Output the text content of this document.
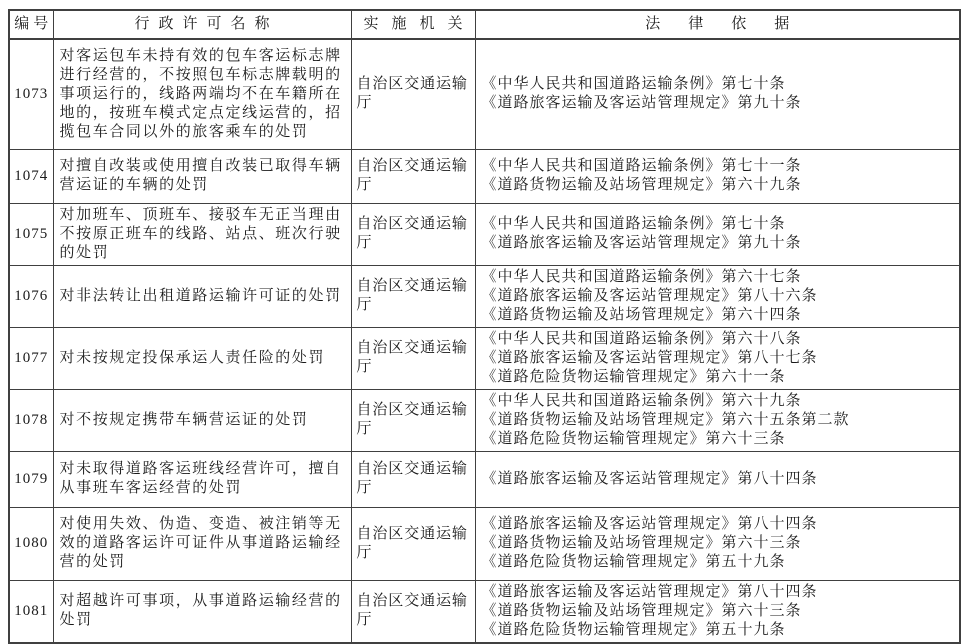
编号	行政许可名称	实施机关	法律依据
1073	对客运包车未持有效的包车客运标志牌进行经营的，不按照包车标志牌载明的事项运行的，线路两端均不在车籍所在地的，按班车模式定点定线运营的，招揽包车合同以外的旅客乘车的处罚	自治区交通运输厅	《中华人民共和国道路运输条例》第七十条
《道路旅客运输及客运站管理规定》第九十条
1074	对擅自改装或使用擅自改装已取得车辆营运证的车辆的处罚	自治区交通运输厅	《中华人民共和国道路运输条例》第七十一条
《道路货物运输及站场管理规定》第六十九条
1075	对加班车、顶班车、接驳车无正当理由不按原正班车的线路、站点、班次行驶的处罚	自治区交通运输厅	《中华人民共和国道路运输条例》第七十条
《道路旅客运输及客运站管理规定》第九十条
1076	对非法转让出租道路运输许可证的处罚	自治区交通运输厅	《中华人民共和国道路运输条例》第六十七条
《道路旅客运输及客运站管理规定》第八十六条
《道路货物运输及站场管理规定》第六十四条
1077	对未按规定投保承运人责任险的处罚	自治区交通运输厅	《中华人民共和国道路运输条例》第六十八条
《道路旅客运输及客运站管理规定》第八十七条
《道路危险货物运输管理规定》第六十一条
1078	对不按规定携带车辆营运证的处罚	自治区交通运输厅	《中华人民共和国道路运输条例》第六十九条
《道路货物运输及站场管理规定》第六十五条第二款
《道路危险货物运输管理规定》第六十三条
1079	对未取得道路客运班线经营许可，擅自从事班车客运经营的处罚	自治区交通运输厅	《道路旅客运输及客运站管理规定》第八十四条
1080	对使用失效、伪造、变造、被注销等无效的道路客运许可证件从事道路运输经营的处罚	自治区交通运输厅	《道路旅客运输及客运站管理规定》第八十四条
《道路货物运输及站场管理规定》第六十三条
《道路危险货物运输管理规定》第五十九条
1081	对超越许可事项，从事道路运输经营的处罚	自治区交通运输厅	《道路旅客运输及客运站管理规定》第八十四条
《道路货物运输及站场管理规定》第六十三条
《道路危险货物运输管理规定》第五十九条
